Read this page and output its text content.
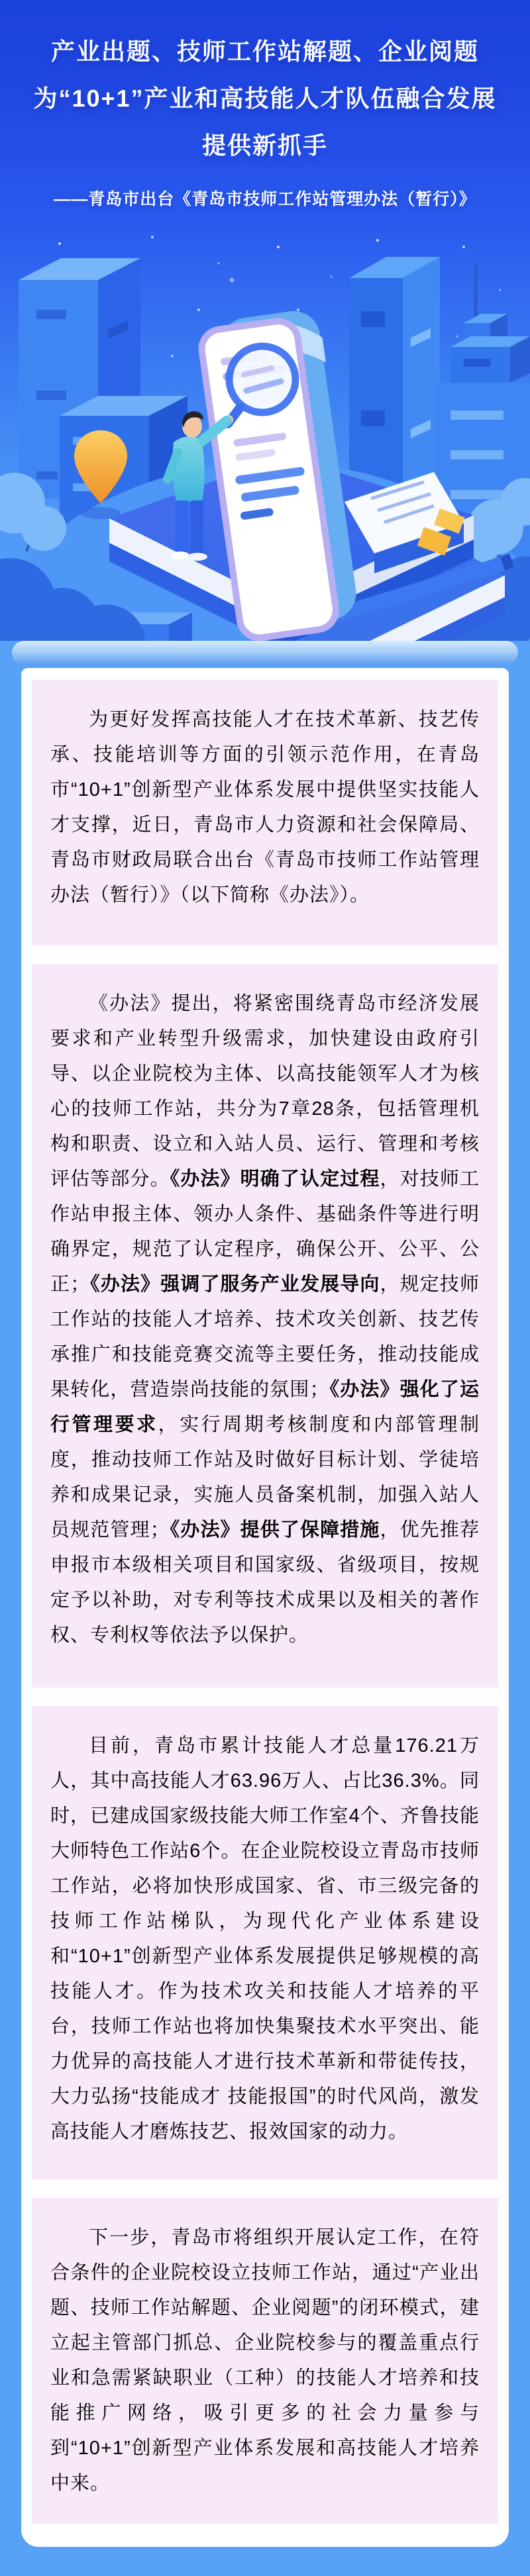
产业出题、技师工作站解题、企业阅题
为“10+1”产业和高技能人才队伍融合发展
提供新抓手
——青岛市出台《青岛市技师工作站管理办法（暂行）》

为更好发挥高技能人才在技术革新、技艺传承、技能培训等方面的引领示范作用，在青岛市“10+1”创新型产业体系发展中提供坚实技能人才支撑，近日，青岛市人力资源和社会保障局、青岛市财政局联合出台《青岛市技师工作站管理办法（暂行）》（以下简称《办法》）。

《办法》提出，将紧密围绕青岛市经济发展要求和产业转型升级需求，加快建设由政府引导、以企业院校为主体、以高技能领军人才为核心的技师工作站，共分为7章28条，包括管理机构和职责、设立和入站人员、运行、管理和考核评估等部分。《办法》明确了认定过程，对技师工作站申报主体、领办人条件、基础条件等进行明确界定，规范了认定程序，确保公开、公平、公正；《办法》强调了服务产业发展导向，规定技师工作站的技能人才培养、技术攻关创新、技艺传承推广和技能竞赛交流等主要任务，推动技能成果转化，营造崇尚技能的氛围；《办法》强化了运行管理要求，实行周期考核制度和内部管理制度，推动技师工作站及时做好目标计划、学徒培养和成果记录，实施人员备案机制，加强入站人员规范管理；《办法》提供了保障措施，优先推荐申报市本级相关项目和国家级、省级项目，按规定予以补助，对专利等技术成果以及相关的著作权、专利权等依法予以保护。

目前，青岛市累计技能人才总量176.21万人，其中高技能人才63.96万人、占比36.3%。同时，已建成国家级技能大师工作室4个、齐鲁技能大师特色工作站6个。在企业院校设立青岛市技师工作站，必将加快形成国家、省、市三级完备的技师工作站梯队，为现代化产业体系建设和“10+1”创新型产业体系发展提供足够规模的高技能人才。作为技术攻关和技能人才培养的平台，技师工作站也将加快集聚技术水平突出、能力优异的高技能人才进行技术革新和带徒传技，大力弘扬“技能成才 技能报国”的时代风尚，激发高技能人才磨炼技艺、报效国家的动力。

下一步，青岛市将组织开展认定工作，在符合条件的企业院校设立技师工作站，通过“产业出题、技师工作站解题、企业阅题”的闭环模式，建立起主管部门抓总、企业院校参与的覆盖重点行业和急需紧缺职业（工种）的技能人才培养和技能推广网络，吸引更多的社会力量参与到“10+1”创新型产业体系发展和高技能人才培养中来。
